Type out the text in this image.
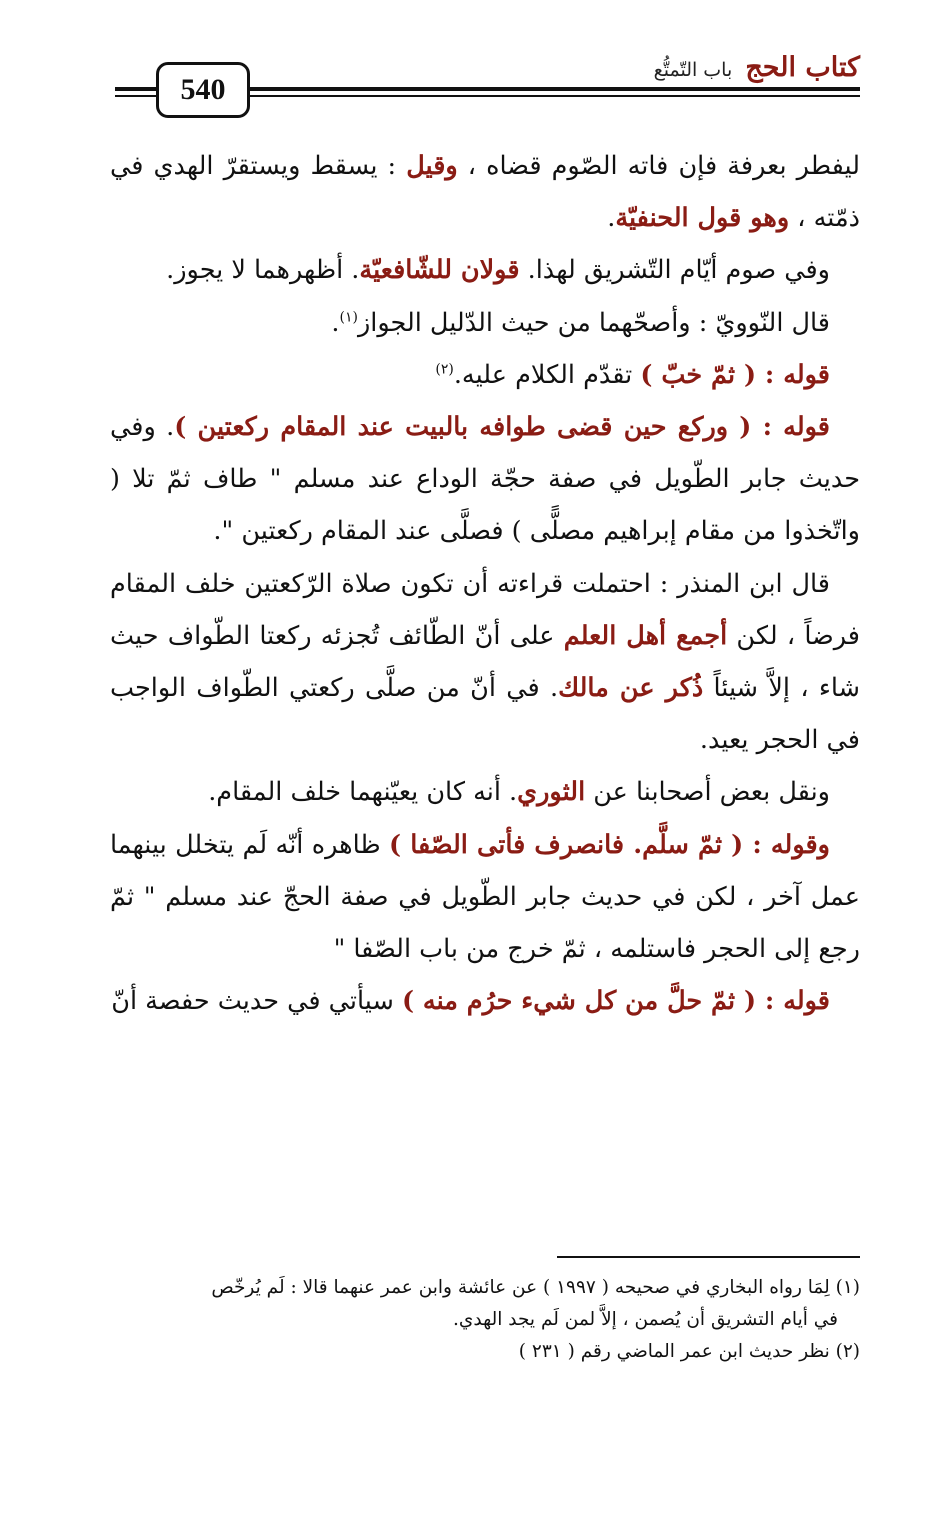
كتاب الحج باب التّمتُّع
540

ليفطر بعرفة فإن فاته الصّوم قضاه ، وقيل : يسقط ويستقرّ الهدي في ذمّته ، وهو قول الحنفيّة.

وفي صوم أيّام التّشريق لهذا. قولان للشّافعيّة. أظهرهما لا يجوز.

قال النّوويّ : وأصحّهما من حيث الدّليل الجواز$^{(١)}$.

قوله : ( ثمّ خبّ ) تقدّم الكلام عليه.$^{(٢)}$

قوله : ( وركع حين قضى طوافه بالبيت عند المقام ركعتين ). وفي حديث جابر الطّويل في صفة حجّة الوداع عند مسلم " طاف ثمّ تلا ( واتّخذوا من مقام إبراهيم مصلًّى ) فصلَّى عند المقام ركعتين ".

قال ابن المنذر : احتملت قراءته أن تكون صلاة الرّكعتين خلف المقام فرضاً ، لكن أجمع أهل العلم على أنّ الطّائف تُجزئه ركعتا الطّواف حيث شاء ، إلاَّ شيئاً ذُكر عن مالك. في أنّ من صلَّى ركعتي الطّواف الواجب في الحجر يعيد.

ونقل بعض أصحابنا عن الثوري. أنه كان يعيّنهما خلف المقام.

وقوله : ( ثمّ سلَّم. فانصرف فأتى الصّفا ) ظاهره أنّه لَم يتخلل بينهما عمل آخر ، لكن في حديث جابر الطّويل في صفة الحجّ عند مسلم " ثمّ رجع إلى الحجر فاستلمه ، ثمّ خرج من باب الصّفا "

قوله : ( ثمّ حلَّ من كل شيء حرُم منه ) سيأتي في حديث حفصة أنّ

(١) لِمَا رواه البخاري في صحيحه ( ١٩٩٧ ) عن عائشة وابن عمر عنهما قالا : لَم يُرخّص

في أيام التشريق أن يُصمن ، إلاَّ لمن لَم يجد الهدي.

(٢) نظر حديث ابن عمر الماضي رقم ( ٢٣١ )
